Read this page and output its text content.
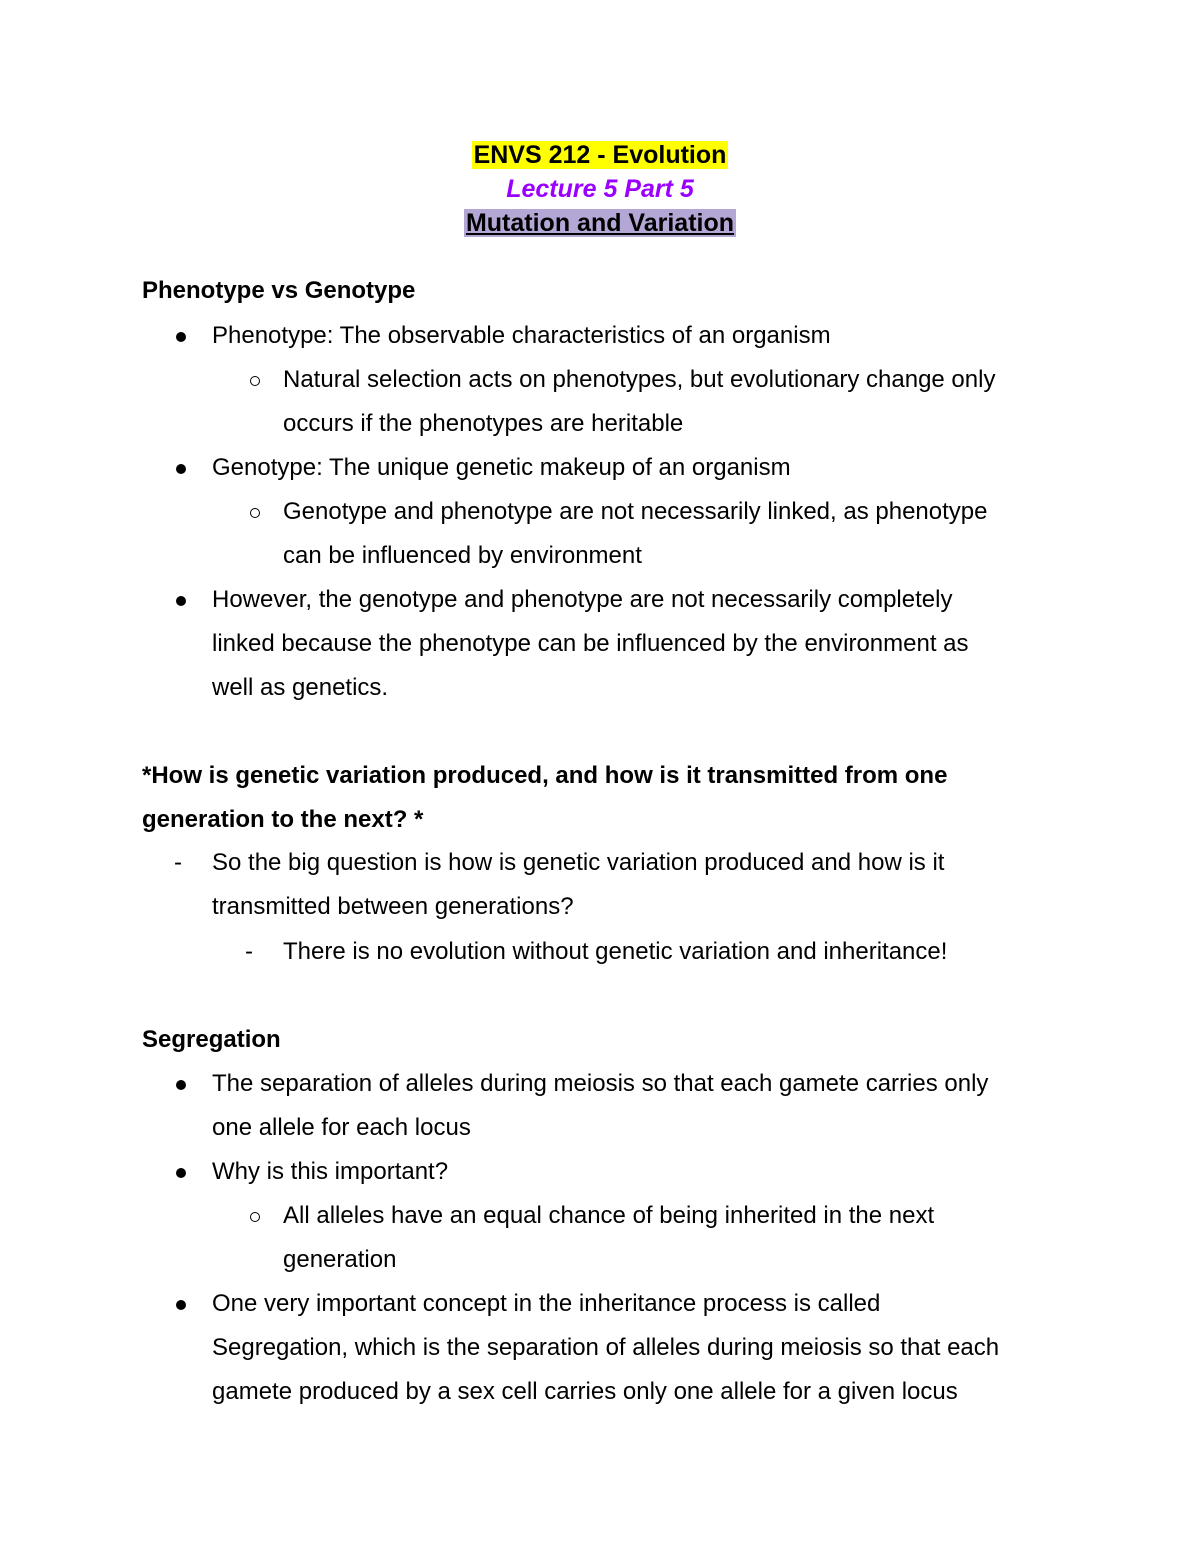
ENVS 212 - Evolution
Lecture 5 Part 5
Mutation and Variation
Phenotype vs Genotype
Phenotype: The observable characteristics of an organism
Natural selection acts on phenotypes, but evolutionary change only
occurs if the phenotypes are heritable
Genotype: The unique genetic makeup of an organism
Genotype and phenotype are not necessarily linked, as phenotype
can be influenced by environment
However, the genotype and phenotype are not necessarily completely
linked because the phenotype can be influenced by the environment as
well as genetics.
*How is genetic variation produced, and how is it transmitted from one
generation to the next? *
- So the big question is how is genetic variation produced and how is it
transmitted between generations?
- There is no evolution without genetic variation and inheritance!
Segregation
The separation of alleles during meiosis so that each gamete carries only
one allele for each locus
Why is this important?
All alleles have an equal chance of being inherited in the next
generation
One very important concept in the inheritance process is called
Segregation, which is the separation of alleles during meiosis so that each
gamete produced by a sex cell carries only one allele for a given locus
